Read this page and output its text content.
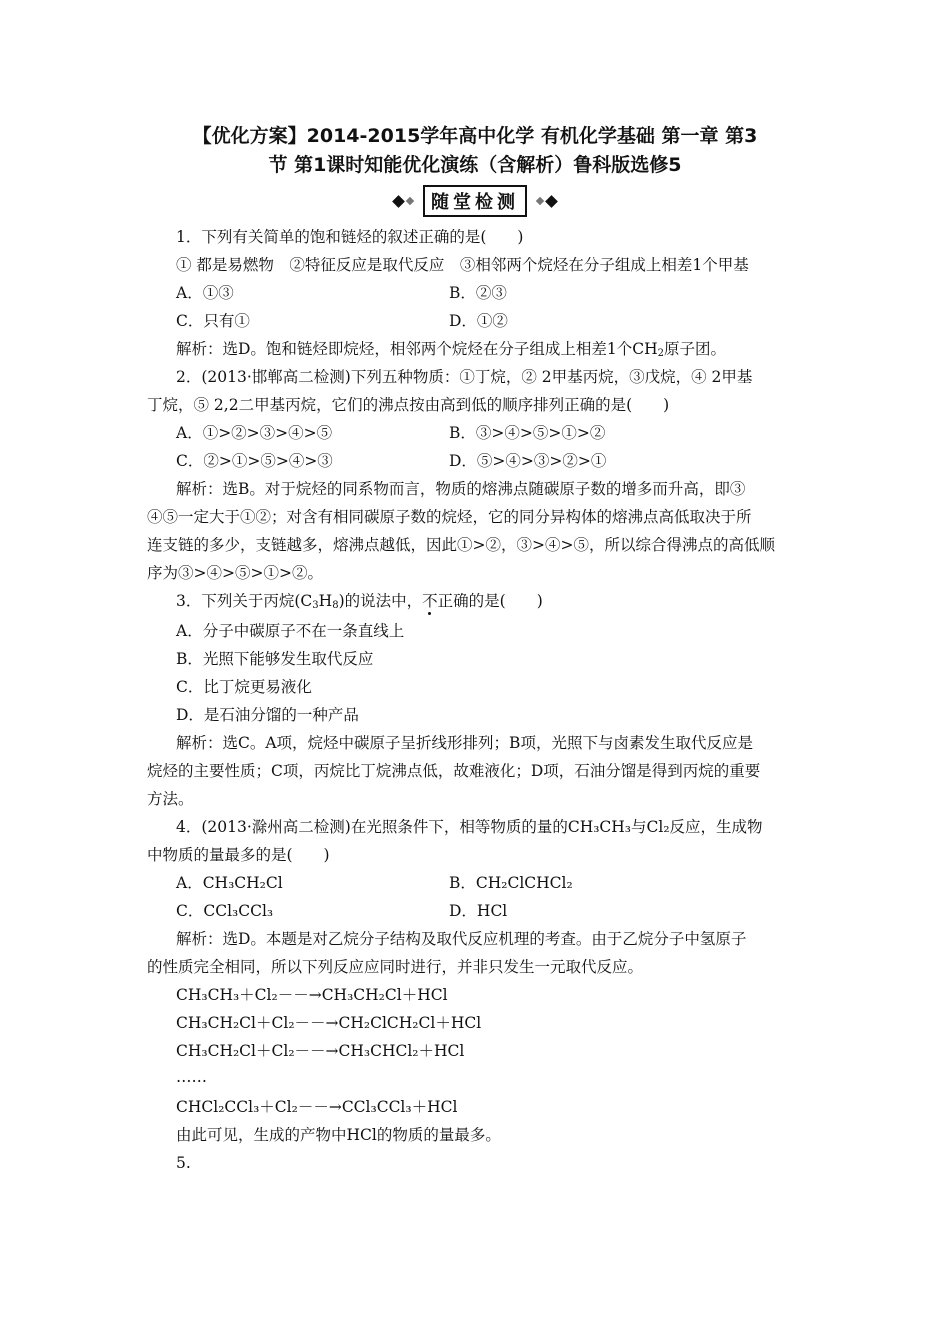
【优化方案】2014-2015学年高中化学 有机化学基础 第一章 第3
节 第1课时知能优化演练（含解析）鲁科版选修5
随堂检测
1．下列有关简单的饱和链烃的叙述正确的是(　　)
① 都是易燃物　②特征反应是取代反应　③相邻两个烷烃在分子组成上相差1个甲基
A．①③	B．②③
C．只有①	D．①②
解析：选D。饱和链烃即烷烃，相邻两个烷烃在分子组成上相差1个$CH_2$原子团。
2．(2013·邯郸高二检测)下列五种物质：①丁烷，② 2甲基丙烷，③戊烷，④ 2甲基
丁烷，⑤ 2,2二甲基丙烷，它们的沸点按由高到低的顺序排列正确的是(　　)
A．①>②>③>④>⑤	B．③>④>⑤>①>②
C．②>①>⑤>④>③	D．⑤>④>③>②>①
解析：选B。对于烷烃的同系物而言，物质的熔沸点随碳原子数的增多而升高，即③
④⑤一定大于①②；对含有相同碳原子数的烷烃，它的同分异构体的熔沸点高低取决于所
连支链的多少，支链越多，熔沸点越低，因此①>②，③>④>⑤，所以综合得沸点的高低顺
序为③>④>⑤>①>②。
3．下列关于丙烷$(C_3H_8)$的说法中，不正确的是(　　)
A．分子中碳原子不在一条直线上
B．光照下能够发生取代反应
C．比丁烷更易液化
D．是石油分馏的一种产品
解析：选C。A项，烷烃中碳原子呈折线形排列；B项，光照下与卤素发生取代反应是
烷烃的主要性质；C项，丙烷比丁烷沸点低，故难液化；D项，石油分馏是得到丙烷的重要
方法。
4．(2013·滁州高二检测)在光照条件下，相等物质的量的CH₃CH₃与Cl₂反应，生成物
中物质的量最多的是(　　)
A．CH₃CH₂Cl	B．CH₂ClCHCl₂
C．CCl₃CCl₃	D．HCl
解析：选D。本题是对乙烷分子结构及取代反应机理的考查。由于乙烷分子中氢原子
的性质完全相同，所以下列反应应同时进行，并非只发生一元取代反应。
CH₃CH₃＋Cl₂－－→CH₃CH₂Cl＋HCl
CH₃CH₂Cl＋Cl₂－－→CH₂ClCH₂Cl＋HCl
CH₃CH₂Cl＋Cl₂－－→CH₃CHCl₂＋HCl
……
CHCl₂CCl₃＋Cl₂－－→CCl₃CCl₃＋HCl
由此可见，生成的产物中HCl的物质的量最多。
5.
